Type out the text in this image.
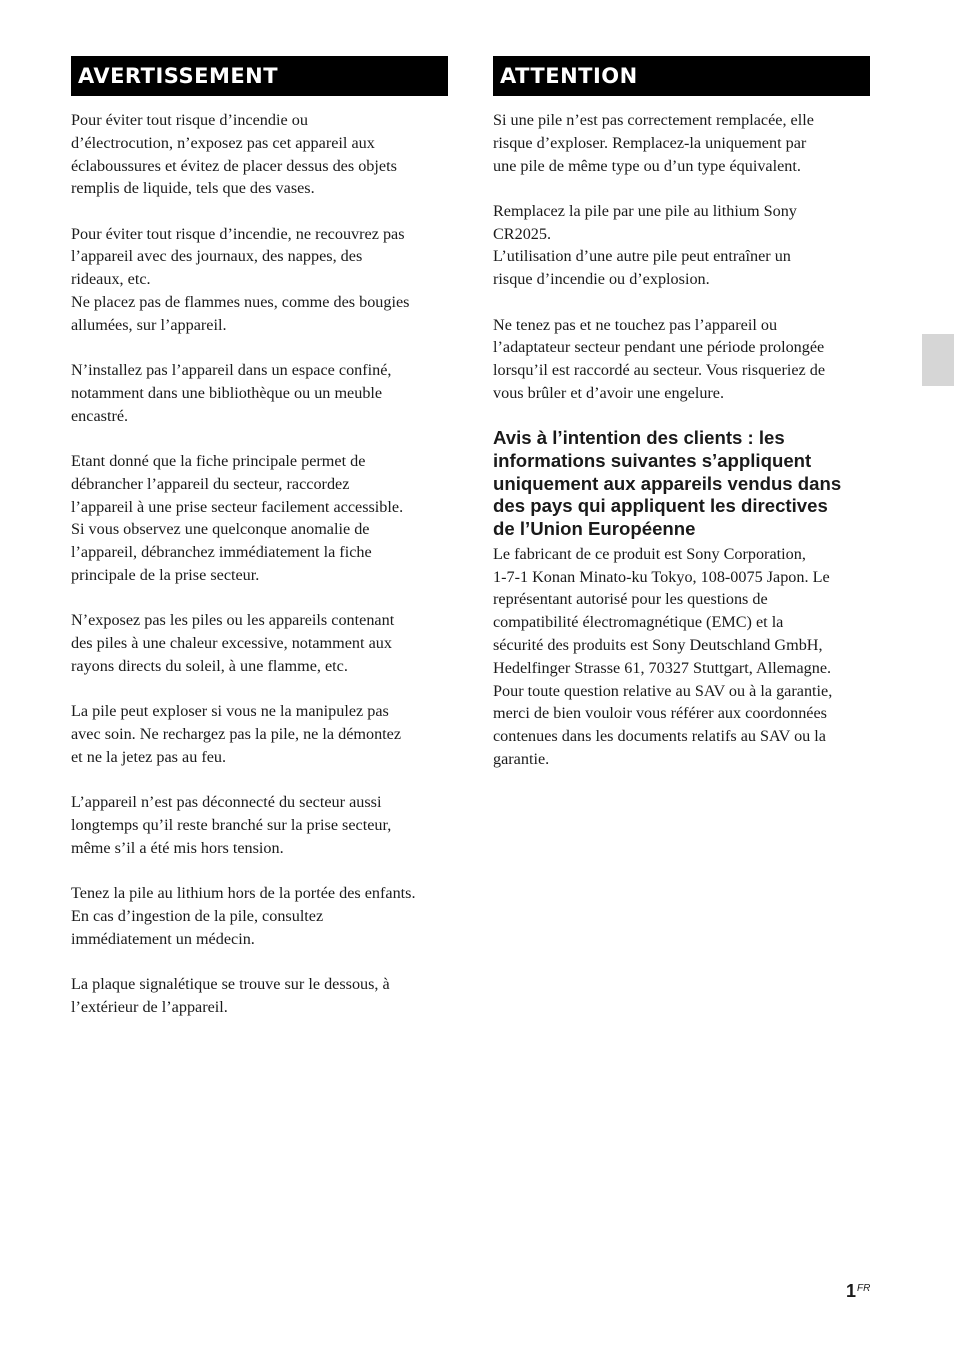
AVERTISSEMENT

Pour éviter tout risque d’incendie ou
d’électrocution, n’exposez pas cet appareil aux
éclaboussures et évitez de placer dessus des objets
remplis de liquide, tels que des vases.

Pour éviter tout risque d’incendie, ne recouvrez pas
l’appareil avec des journaux, des nappes, des
rideaux, etc.
Ne placez pas de flammes nues, comme des bougies
allumées, sur l’appareil.

N’installez pas l’appareil dans un espace confiné,
notamment dans une bibliothèque ou un meuble
encastré.

Etant donné que la fiche principale permet de
débrancher l’appareil du secteur, raccordez
l’appareil à une prise secteur facilement accessible.
Si vous observez une quelconque anomalie de
l’appareil, débranchez immédiatement la fiche
principale de la prise secteur.

N’exposez pas les piles ou les appareils contenant
des piles à une chaleur excessive, notamment aux
rayons directs du soleil, à une flamme, etc.

La pile peut exploser si vous ne la manipulez pas
avec soin. Ne rechargez pas la pile, ne la démontez
et ne la jetez pas au feu.

L’appareil n’est pas déconnecté du secteur aussi
longtemps qu’il reste branché sur la prise secteur,
même s’il a été mis hors tension.

Tenez la pile au lithium hors de la portée des enfants.
En cas d’ingestion de la pile, consultez
immédiatement un médecin.

La plaque signalétique se trouve sur le dessous, à
l’extérieur de l’appareil.

ATTENTION

Si une pile n’est pas correctement remplacée, elle
risque d’exploser. Remplacez-la uniquement par
une pile de même type ou d’un type équivalent.

Remplacez la pile par une pile au lithium Sony
CR2025.
L’utilisation d’une autre pile peut entraîner un
risque d’incendie ou d’explosion.

Ne tenez pas et ne touchez pas l’appareil ou
l’adaptateur secteur pendant une période prolongée
lorsqu’il est raccordé au secteur. Vous risqueriez de
vous brûler et d’avoir une engelure.

Avis à l’intention des clients : les
informations suivantes s’appliquent
uniquement aux appareils vendus dans
des pays qui appliquent les directives
de l’Union Européenne

Le fabricant de ce produit est Sony Corporation,
1-7-1 Konan Minato-ku Tokyo, 108-0075 Japon. Le
représentant autorisé pour les questions de
compatibilité électromagnétique (EMC) et la
sécurité des produits est Sony Deutschland GmbH,
Hedelfinger Strasse 61, 70327 Stuttgart, Allemagne.
Pour toute question relative au SAV ou à la garantie,
merci de bien vouloir vous référer aux coordonnées
contenues dans les documents relatifs au SAV ou la
garantie.

$1^{FR}$
